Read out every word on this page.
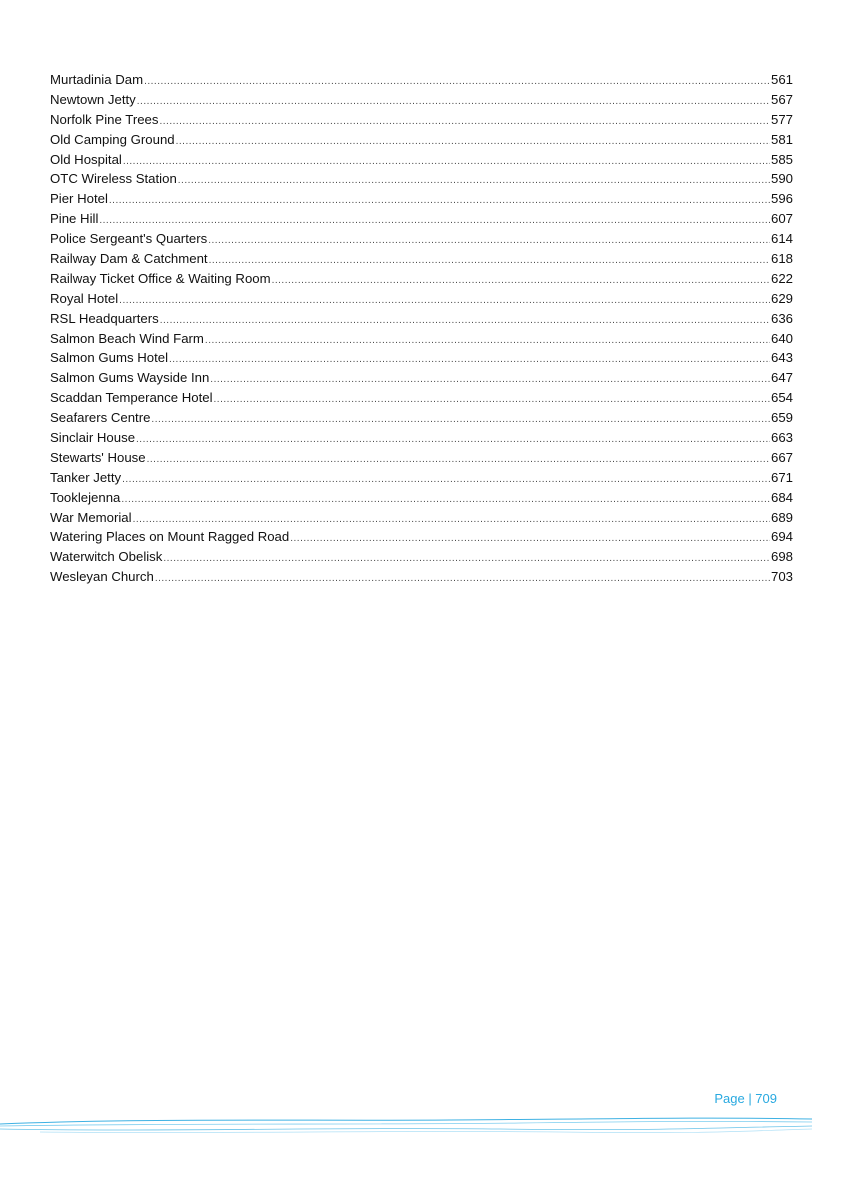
Murtadinia Dam .....	561
Newtown Jetty .....	567
Norfolk Pine Trees .....	577
Old Camping Ground .....	581
Old Hospital .....	585
OTC Wireless Station .....	590
Pier Hotel .....	596
Pine Hill .....	607
Police Sergeant's Quarters .....	614
Railway Dam & Catchment .....	618
Railway Ticket Office & Waiting Room .....	622
Royal Hotel .....	629
RSL Headquarters .....	636
Salmon Beach Wind Farm .....	640
Salmon Gums Hotel .....	643
Salmon Gums Wayside Inn .....	647
Scaddan Temperance Hotel .....	654
Seafarers Centre .....	659
Sinclair House .....	663
Stewarts' House .....	667
Tanker Jetty .....	671
Tooklejenna .....	684
War Memorial .....	689
Watering Places on Mount Ragged Road .....	694
Waterwitch Obelisk .....	698
Wesleyan Church .....	703
Page | 709
